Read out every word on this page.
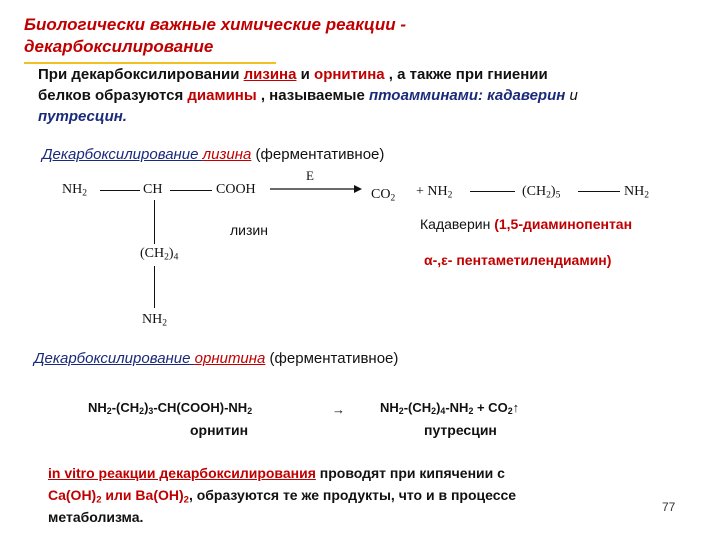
Биологически важные химические реакции -
декарбоксилирование
При декарбоксилировании лизина и орнитина , а также при гниении
белков образуются диамины , называемые птоамминами: кадаверин и
путресцин.
Декарбоксилирование лизина (ферментативное)
$NH_2$	CH	COOH
$(CH_2)_4$
$NH_2$
лизин
E
$CO_2 + NH_2$	$(CH_2)_5$	$NH_2$
Кадаверин (1,5-диаминопентан
α-,ε- пентаметилендиамин)
Декарбоксилирование орнитина (ферментативное)
$NH_2-(CH_2)_3-CH(COOH)-NH_2$	→	$NH_2-(CH_2)_4-NH_2$ + $CO_2↑$
орнитин	путресцин
in vitro реакции декарбоксилирования проводят при кипячении с
$Ca(OH)_2$ или $Ba(OH)_2$, образуются те же продукты, что и в процессе
метаболизма.
77
